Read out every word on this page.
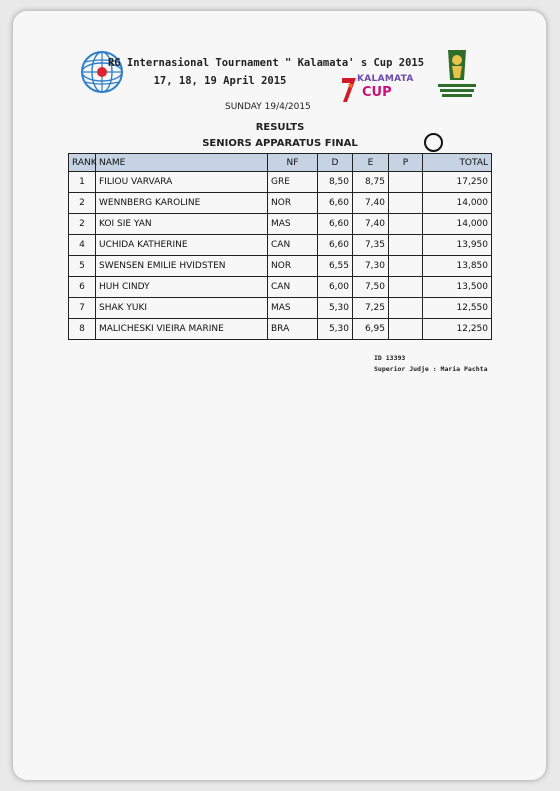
RG Internasional Tournament " Kalamata' s Cup 2015
17, 18, 19 April 2015	KALAMATA
CUP
SUNDAY 19/4/2015
RESULTS
SENIORS APPARATUS FINAL
RANK	NAME	NF	D	E	P	TOTAL
1	FILIOU VARVARA	GRE	8,50	8,75		17,250
2	WENNBERG KAROLINE	NOR	6,60	7,40		14,000
2	KOI SIE YAN	MAS	6,60	7,40		14,000
4	UCHIDA KATHERINE	CAN	6,60	7,35		13,950
5	SWENSEN EMILIE HVIDSTEN	NOR	6,55	7,30		13,850
6	HUH CINDY	CAN	6,00	7,50		13,500
7	SHAK YUKI	MAS	5,30	7,25		12,550
8	MALICHESKI VIEIRA MARINE	BRA	5,30	6,95		12,250
ID 13393
Superior Judje : Maria Pachta
